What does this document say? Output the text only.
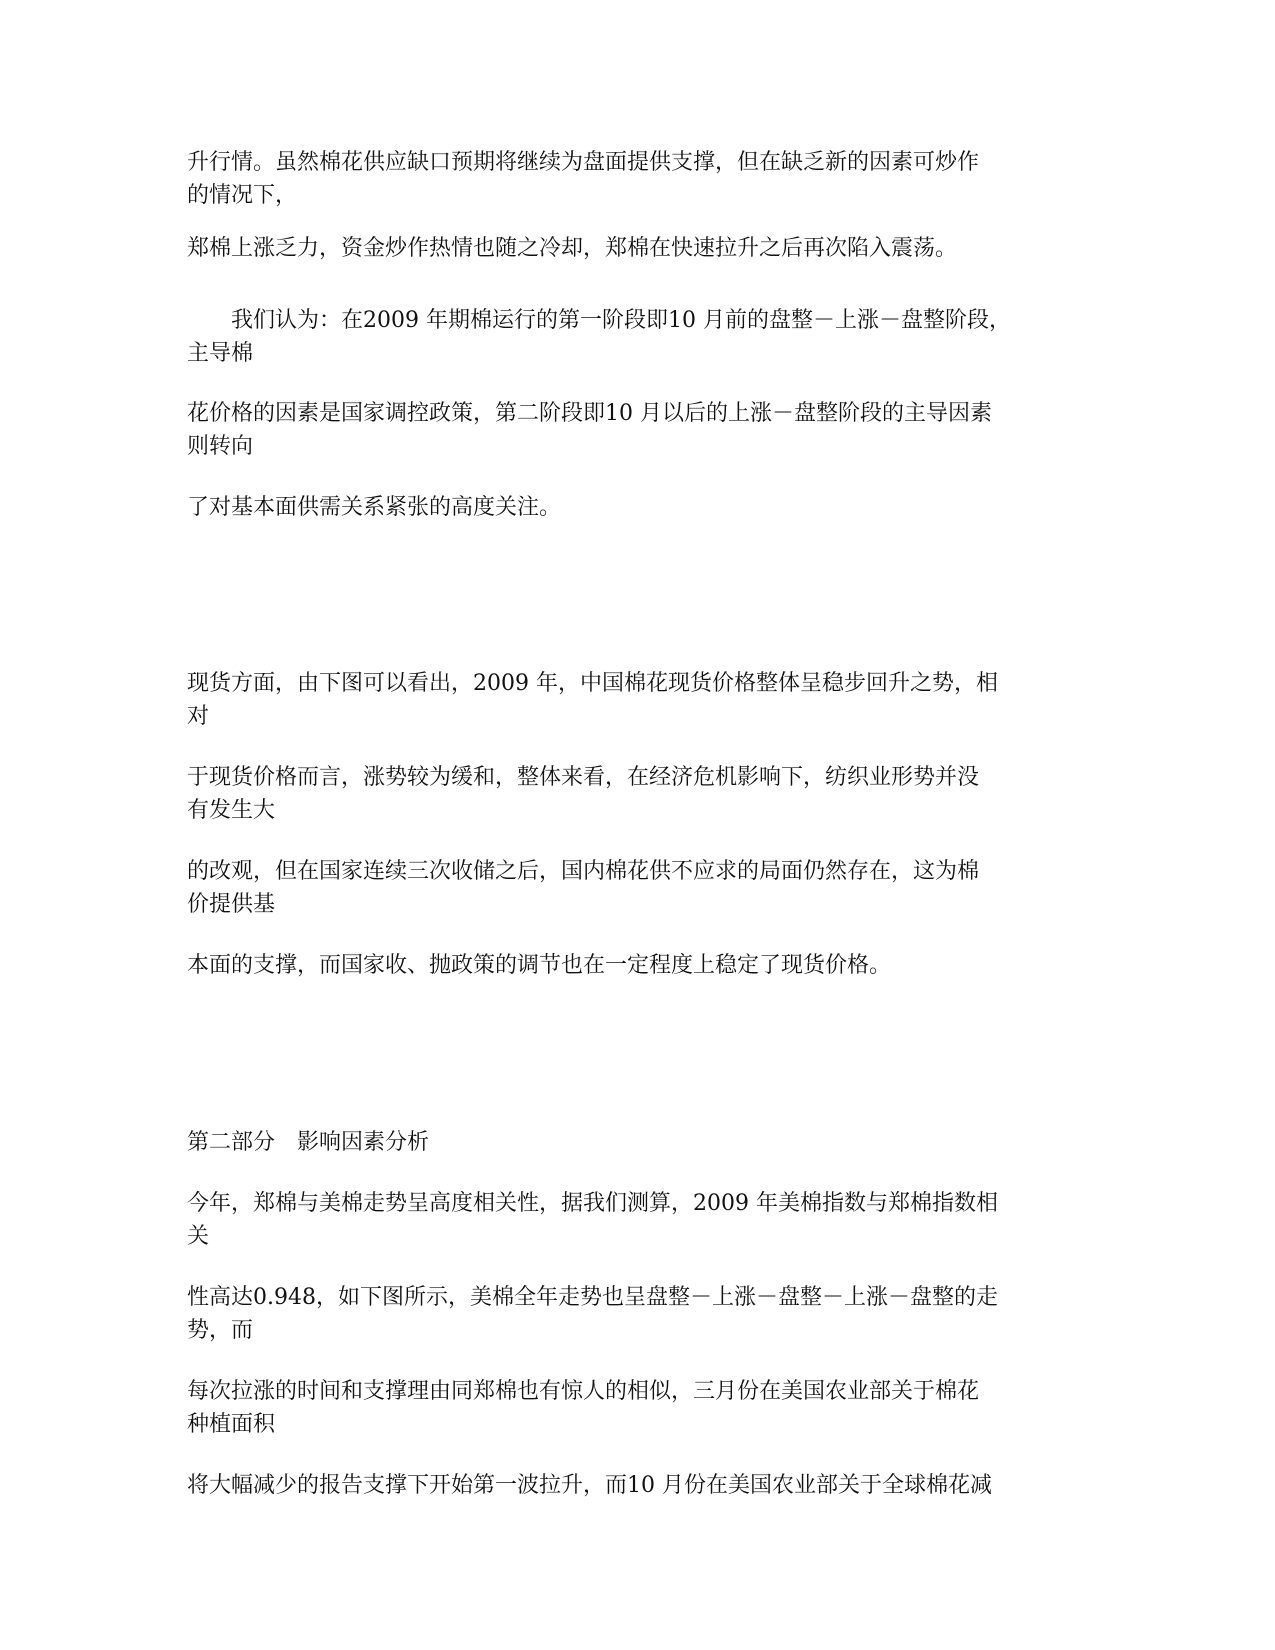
升行情。虽然棉花供应缺口预期将继续为盘面提供支撑，但在缺乏新的因素可炒作
的情况下，

郑棉上涨乏力，资金炒作热情也随之冷却，郑棉在快速拉升之后再次陷入震荡。

　　我们认为：在2009 年期棉运行的第一阶段即10 月前的盘整－上涨－盘整阶段，
主导棉

花价格的因素是国家调控政策，第二阶段即10 月以后的上涨－盘整阶段的主导因素
则转向

了对基本面供需关系紧张的高度关注。

现货方面，由下图可以看出，2009 年，中国棉花现货价格整体呈稳步回升之势，相
对

于现货价格而言，涨势较为缓和，整体来看，在经济危机影响下，纺织业形势并没
有发生大

的改观，但在国家连续三次收储之后，国内棉花供不应求的局面仍然存在，这为棉
价提供基

本面的支撑，而国家收、抛政策的调节也在一定程度上稳定了现货价格。

第二部分　影响因素分析

今年，郑棉与美棉走势呈高度相关性，据我们测算，2009 年美棉指数与郑棉指数相
关

性高达0.948，如下图所示，美棉全年走势也呈盘整－上涨－盘整－上涨－盘整的走
势，而

每次拉涨的时间和支撑理由同郑棉也有惊人的相似，三月份在美国农业部关于棉花
种植面积

将大幅减少的报告支撑下开始第一波拉升，而10 月份在美国农业部关于全球棉花减
